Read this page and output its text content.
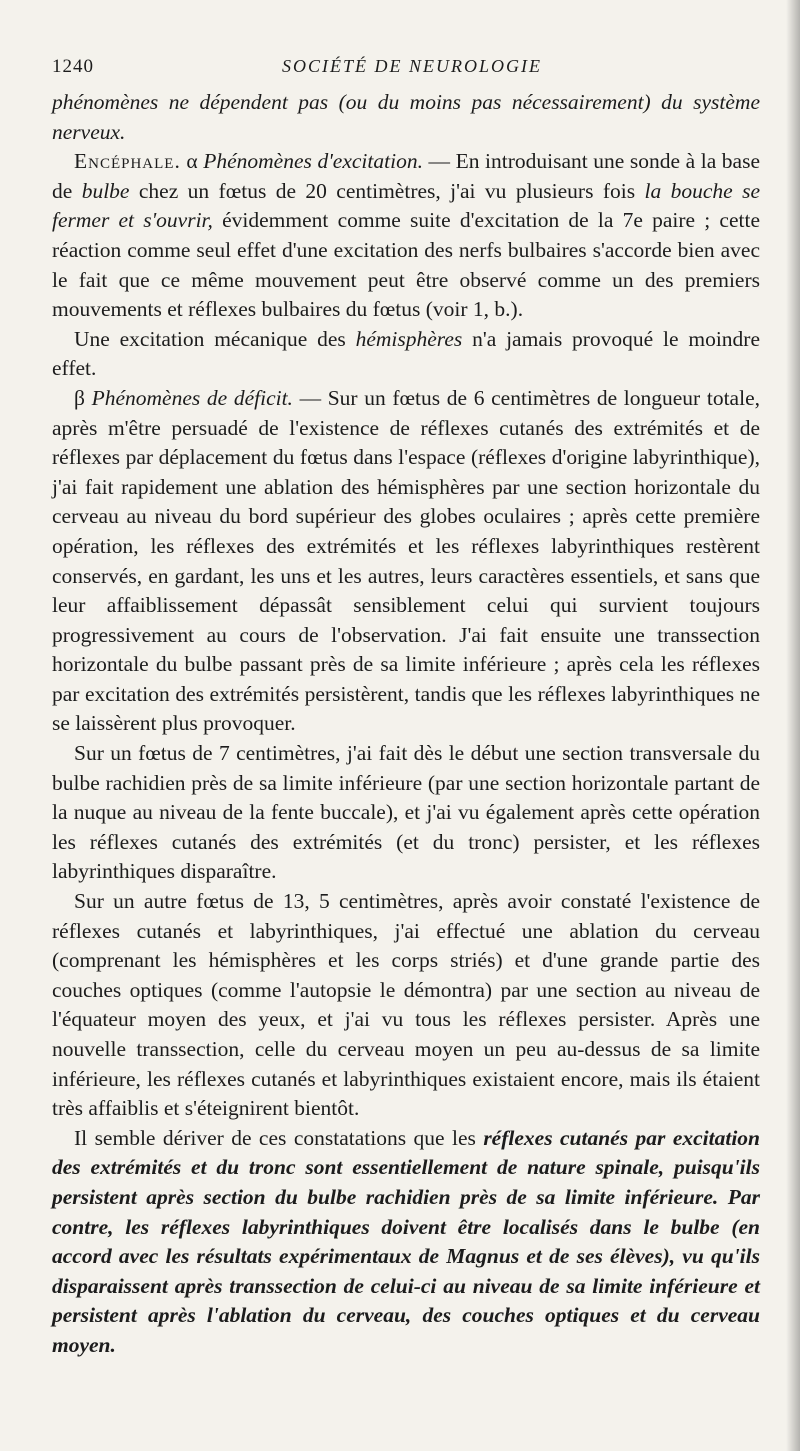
1240	SOCIÉTÉ DE NEUROLOGIE

phénomènes ne dépendent pas (ou du moins pas nécessairement) du système nerveux.

Encéphale. α Phénomènes d'excitation. — En introduisant une sonde à la base de bulbe chez un fœtus de 20 centimètres, j'ai vu plusieurs fois la bouche se fermer et s'ouvrir, évidemment comme suite d'excitation de la 7e paire ; cette réaction comme seul effet d'une excitation des nerfs bulbaires s'accorde bien avec le fait que ce même mouvement peut être observé comme un des premiers mouvements et réflexes bulbaires du fœtus (voir 1, b.).

Une excitation mécanique des hémisphères n'a jamais provoqué le moindre effet.

β Phénomènes de déficit. — Sur un fœtus de 6 centimètres de longueur totale, après m'être persuadé de l'existence de réflexes cutanés des extrémités et de réflexes par déplacement du fœtus dans l'espace (réflexes d'origine labyrinthique), j'ai fait rapidement une ablation des hémisphères par une section horizontale du cerveau au niveau du bord supérieur des globes oculaires ; après cette première opération, les réflexes des extrémités et les réflexes labyrinthiques restèrent conservés, en gardant, les uns et les autres, leurs caractères essentiels, et sans que leur affaiblissement dépassât sensiblement celui qui survient toujours progressivement au cours de l'observation. J'ai fait ensuite une transsection horizontale du bulbe passant près de sa limite inférieure ; après cela les réflexes par excitation des extrémités persistèrent, tandis que les réflexes labyrinthiques ne se laissèrent plus provoquer.

Sur un fœtus de 7 centimètres, j'ai fait dès le début une section transversale du bulbe rachidien près de sa limite inférieure (par une section horizontale partant de la nuque au niveau de la fente buccale), et j'ai vu également après cette opération les réflexes cutanés des extrémités (et du tronc) persister, et les réflexes labyrinthiques disparaître.

Sur un autre fœtus de 13, 5 centimètres, après avoir constaté l'existence de réflexes cutanés et labyrinthiques, j'ai effectué une ablation du cerveau (comprenant les hémisphères et les corps striés) et d'une grande partie des couches optiques (comme l'autopsie le démontra) par une section au niveau de l'équateur moyen des yeux, et j'ai vu tous les réflexes persister. Après une nouvelle transsection, celle du cerveau moyen un peu au-dessus de sa limite inférieure, les réflexes cutanés et labyrinthiques existaient encore, mais ils étaient très affaiblis et s'éteignirent bientôt.

Il semble dériver de ces constatations que les réflexes cutanés par excitation des extrémités et du tronc sont essentiellement de nature spinale, puisqu'ils persistent après section du bulbe rachidien près de sa limite inférieure. Par contre, les réflexes labyrinthiques doivent être localisés dans le bulbe (en accord avec les résultats expérimentaux de Magnus et de ses élèves), vu qu'ils disparaissent après transsection de celui-ci au niveau de sa limite inférieure et persistent après l'ablation du cerveau, des couches optiques et du cerveau moyen.
